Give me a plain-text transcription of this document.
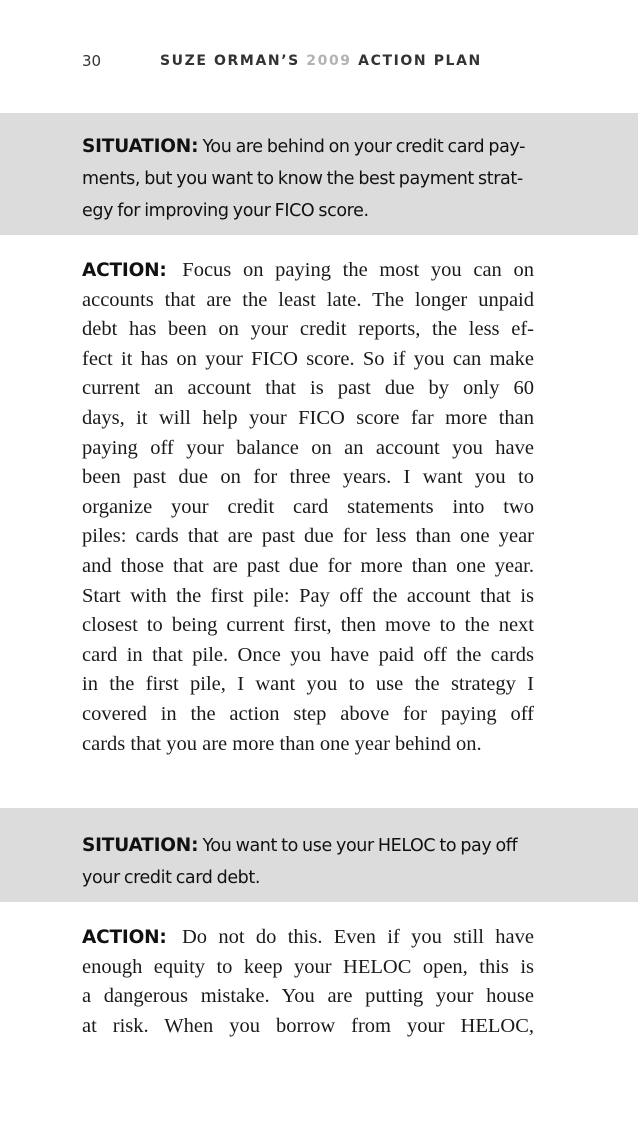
30	SUZE ORMAN’S 2009 ACTION PLAN
SITUATION: You are behind on your credit card pay-
ments, but you want to know the best payment strat-
egy for improving your FICO score.
ACTION: Focus on paying the most you can on
accounts that are the least late. The longer unpaid
debt has been on your credit reports, the less ef-
fect it has on your FICO score. So if you can make
current an account that is past due by only 60
days, it will help your FICO score far more than
paying off your balance on an account you have
been past due on for three years. I want you to
organize your credit card statements into two
piles: cards that are past due for less than one year
and those that are past due for more than one year.
Start with the first pile: Pay off the account that is
closest to being current first, then move to the next
card in that pile. Once you have paid off the cards
in the first pile, I want you to use the strategy I
covered in the action step above for paying off
cards that you are more than one year behind on.
SITUATION: You want to use your HELOC to pay off
your credit card debt.
ACTION: Do not do this. Even if you still have
enough equity to keep your HELOC open, this is
a dangerous mistake. You are putting your house
at risk. When you borrow from your HELOC,
